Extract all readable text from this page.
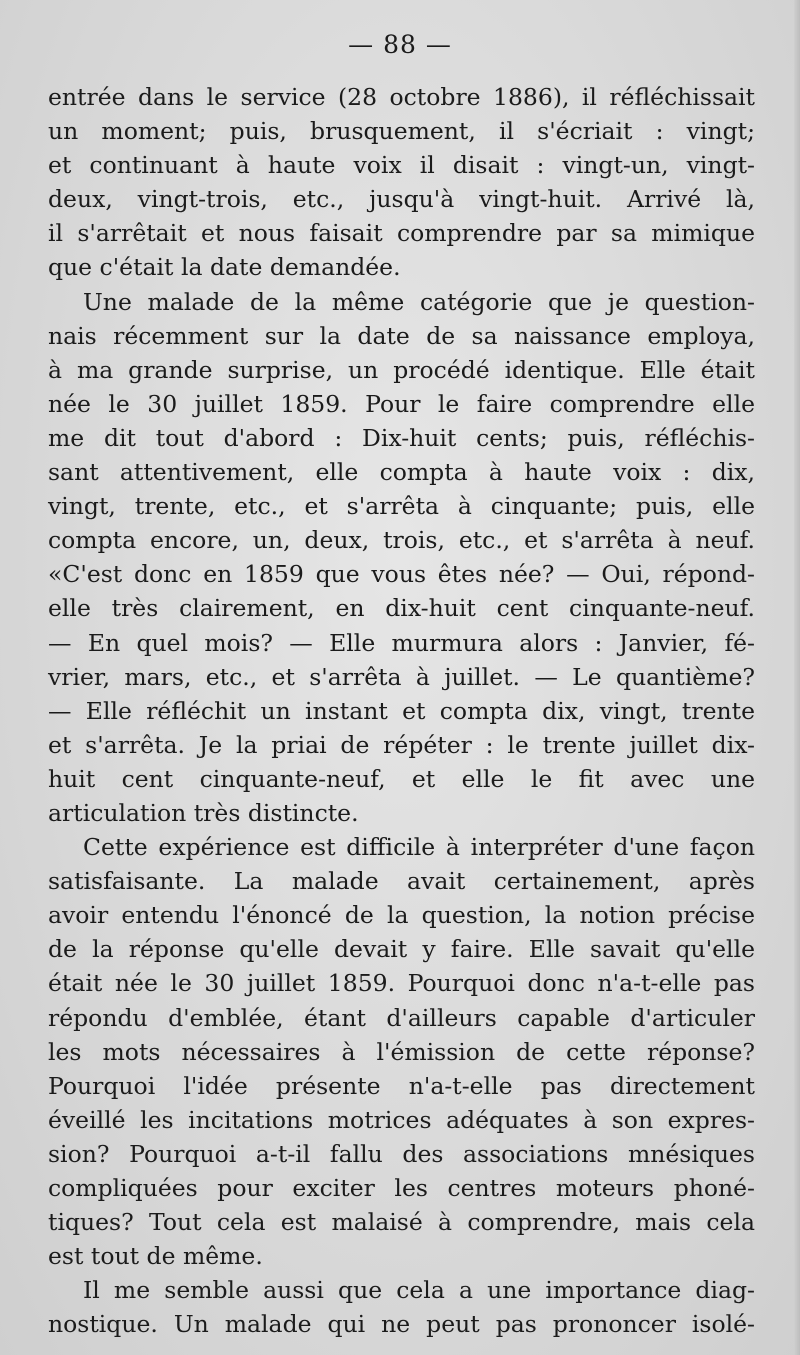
— 88 —
entrée dans le service (28 octobre 1886), il réfléchissait
un moment; puis, brusquement, il s'écriait : vingt;
et continuant à haute voix il disait : vingt-un, vingt-
deux, vingt-trois, etc., jusqu'à vingt-huit. Arrivé là,
il s'arrêtait et nous faisait comprendre par sa mimique
que c'était la date demandée.
Une malade de la même catégorie que je question-
nais récemment sur la date de sa naissance employa,
à ma grande surprise, un procédé identique. Elle était
née le 30 juillet 1859. Pour le faire comprendre elle
me dit tout d'abord : Dix-huit cents; puis, réfléchis-
sant attentivement, elle compta à haute voix : dix,
vingt, trente, etc., et s'arrêta à cinquante; puis, elle
compta encore, un, deux, trois, etc., et s'arrêta à neuf.
«C'est donc en 1859 que vous êtes née? — Oui, répond-
elle très clairement, en dix-huit cent cinquante-neuf.
— En quel mois? — Elle murmura alors : Janvier, fé-
vrier, mars, etc., et s'arrêta à juillet. — Le quantième?
— Elle réfléchit un instant et compta dix, vingt, trente
et s'arrêta. Je la priai de répéter : le trente juillet dix-
huit cent cinquante-neuf, et elle le fit avec une
articulation très distincte.
Cette expérience est difficile à interpréter d'une façon
satisfaisante. La malade avait certainement, après
avoir entendu l'énoncé de la question, la notion précise
de la réponse qu'elle devait y faire. Elle savait qu'elle
était née le 30 juillet 1859. Pourquoi donc n'a-t-elle pas
répondu d'emblée, étant d'ailleurs capable d'articuler
les mots nécessaires à l'émission de cette réponse?
Pourquoi l'idée présente n'a-t-elle pas directement
éveillé les incitations motrices adéquates à son expres-
sion? Pourquoi a-t-il fallu des associations mnésiques
compliquées pour exciter les centres moteurs phoné-
tiques? Tout cela est malaisé à comprendre, mais cela
est tout de même.
Il me semble aussi que cela a une importance diag-
nostique. Un malade qui ne peut pas prononcer isolé-
